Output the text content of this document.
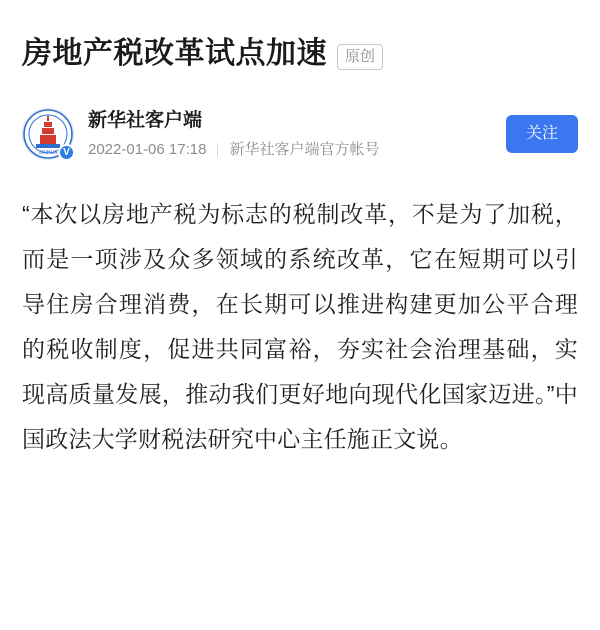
房地产税改革试点加速	原创
XINHUA V
新华社客户端
2022-01-06 17:18 新华社客户端官方帐号
关注
“本次以房地产税为标志的税制改革，不是为了加税，而是一项涉及众多领域的系统改革，它在短期可以引导住房合理消费，在长期可以推进构建更加公平合理的税收制度，促进共同富裕，夯实社会治理基础，实现高质量发展，推动我们更好地向现代化国家迈进。”中国政法大学财税法研究中心主任施正文说。
